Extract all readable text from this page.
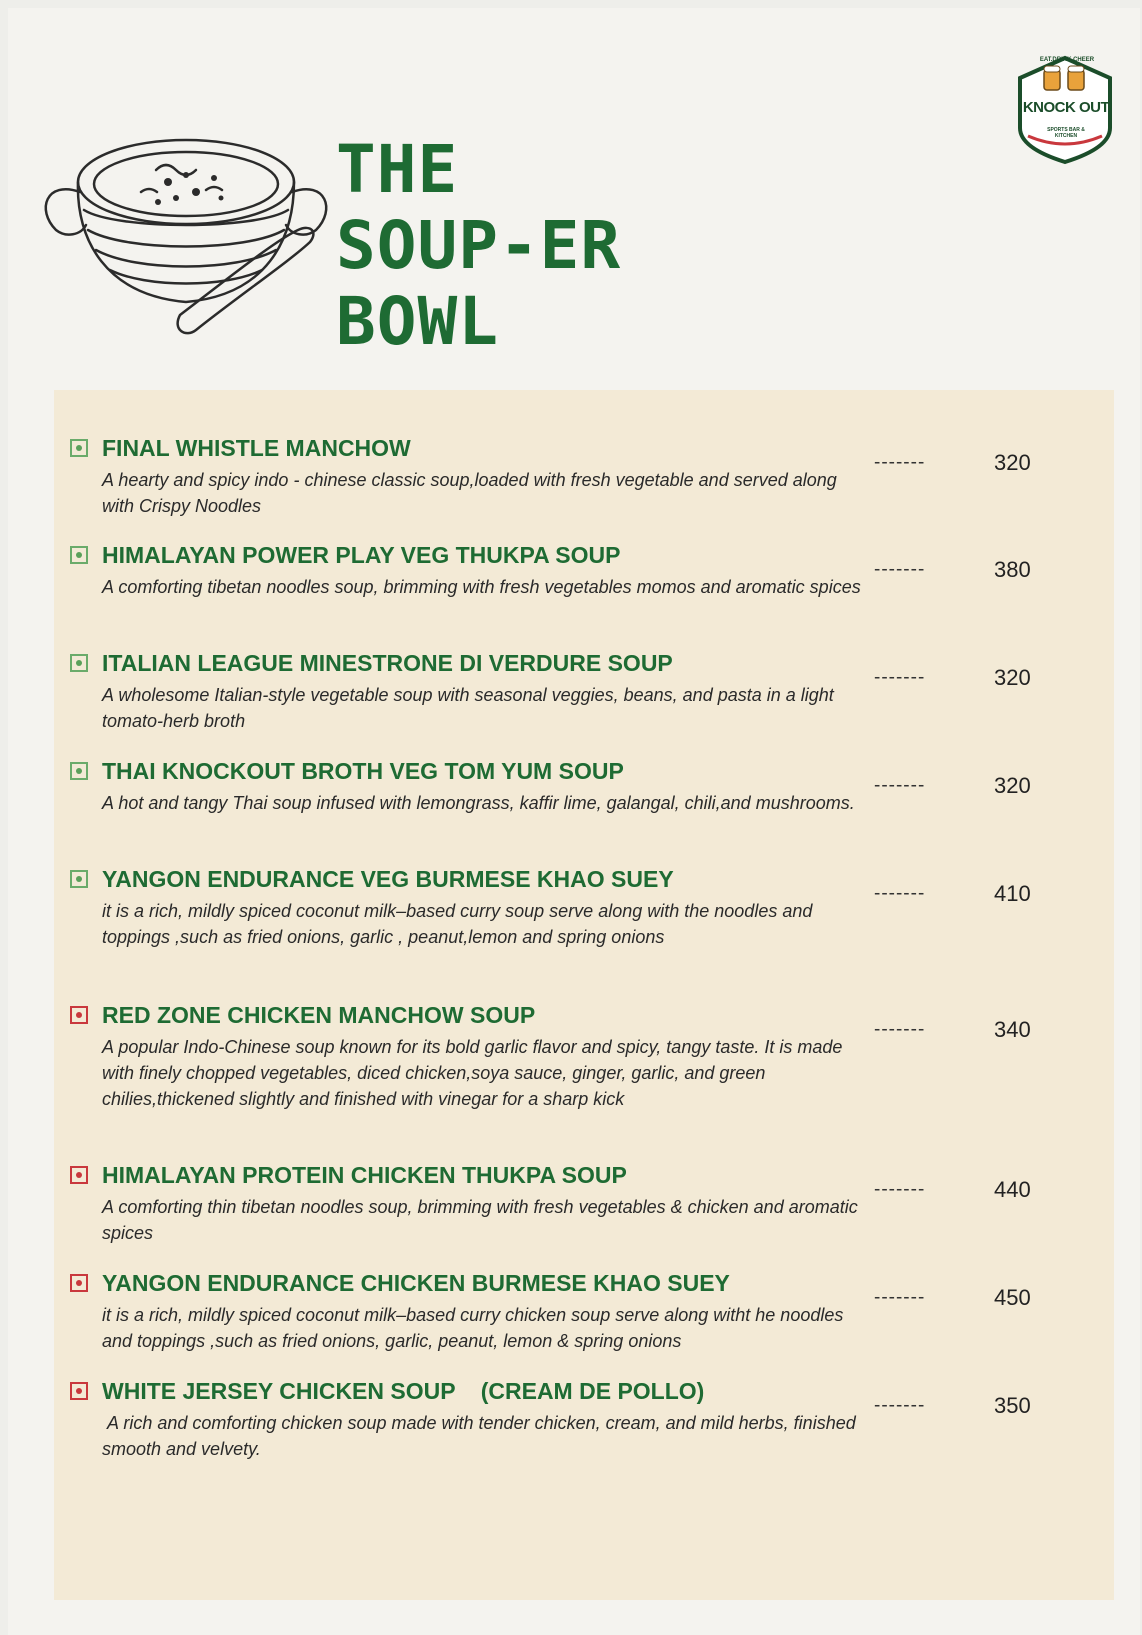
THE
SOUP-ER
BOWL
EAT.DRINK.CHEER
KNOCK OUT
SPORTS BAR & KITCHEN
FINAL WHISTLE MANCHOW
A hearty and spicy indo - chinese classic soup,loaded with fresh vegetable and served along with Crispy Noodles
-------	320
HIMALAYAN POWER PLAY VEG THUKPA SOUP
A comforting tibetan noodles soup, brimming with fresh vegetables momos and aromatic spices
-------	380
ITALIAN LEAGUE MINESTRONE DI VERDURE SOUP
A wholesome Italian-style vegetable soup with seasonal veggies, beans, and pasta in a light tomato-herb broth
-------	320
THAI KNOCKOUT BROTH VEG TOM YUM SOUP
A hot and tangy Thai soup infused with lemongrass, kaffir lime, galangal, chili,and mushrooms.
-------	320
YANGON ENDURANCE VEG BURMESE KHAO SUEY
it is a rich, mildly spiced coconut milk–based curry soup serve along with the noodles and toppings ,such as fried onions, garlic , peanut,lemon and spring onions
-------	410
RED ZONE CHICKEN MANCHOW SOUP
A popular Indo-Chinese soup known for its bold garlic flavor and spicy, tangy taste. It is made with finely chopped vegetables, diced chicken,soya sauce, ginger, garlic, and green chilies,thickened slightly and finished with vinegar for a sharp kick
-------	340
HIMALAYAN PROTEIN CHICKEN THUKPA SOUP
A comforting thin tibetan noodles soup, brimming with fresh vegetables & chicken and aromatic spices
-------	440
YANGON ENDURANCE CHICKEN BURMESE KHAO SUEY
it is a rich, mildly spiced coconut milk–based curry chicken soup serve along witht he noodles and toppings ,such as fried onions, garlic, peanut, lemon & spring onions
-------	450
WHITE JERSEY CHICKEN SOUP    (CREAM DE POLLO)
A rich and comforting chicken soup made with tender chicken, cream, and mild herbs, finished smooth and velvety.
-------	350
